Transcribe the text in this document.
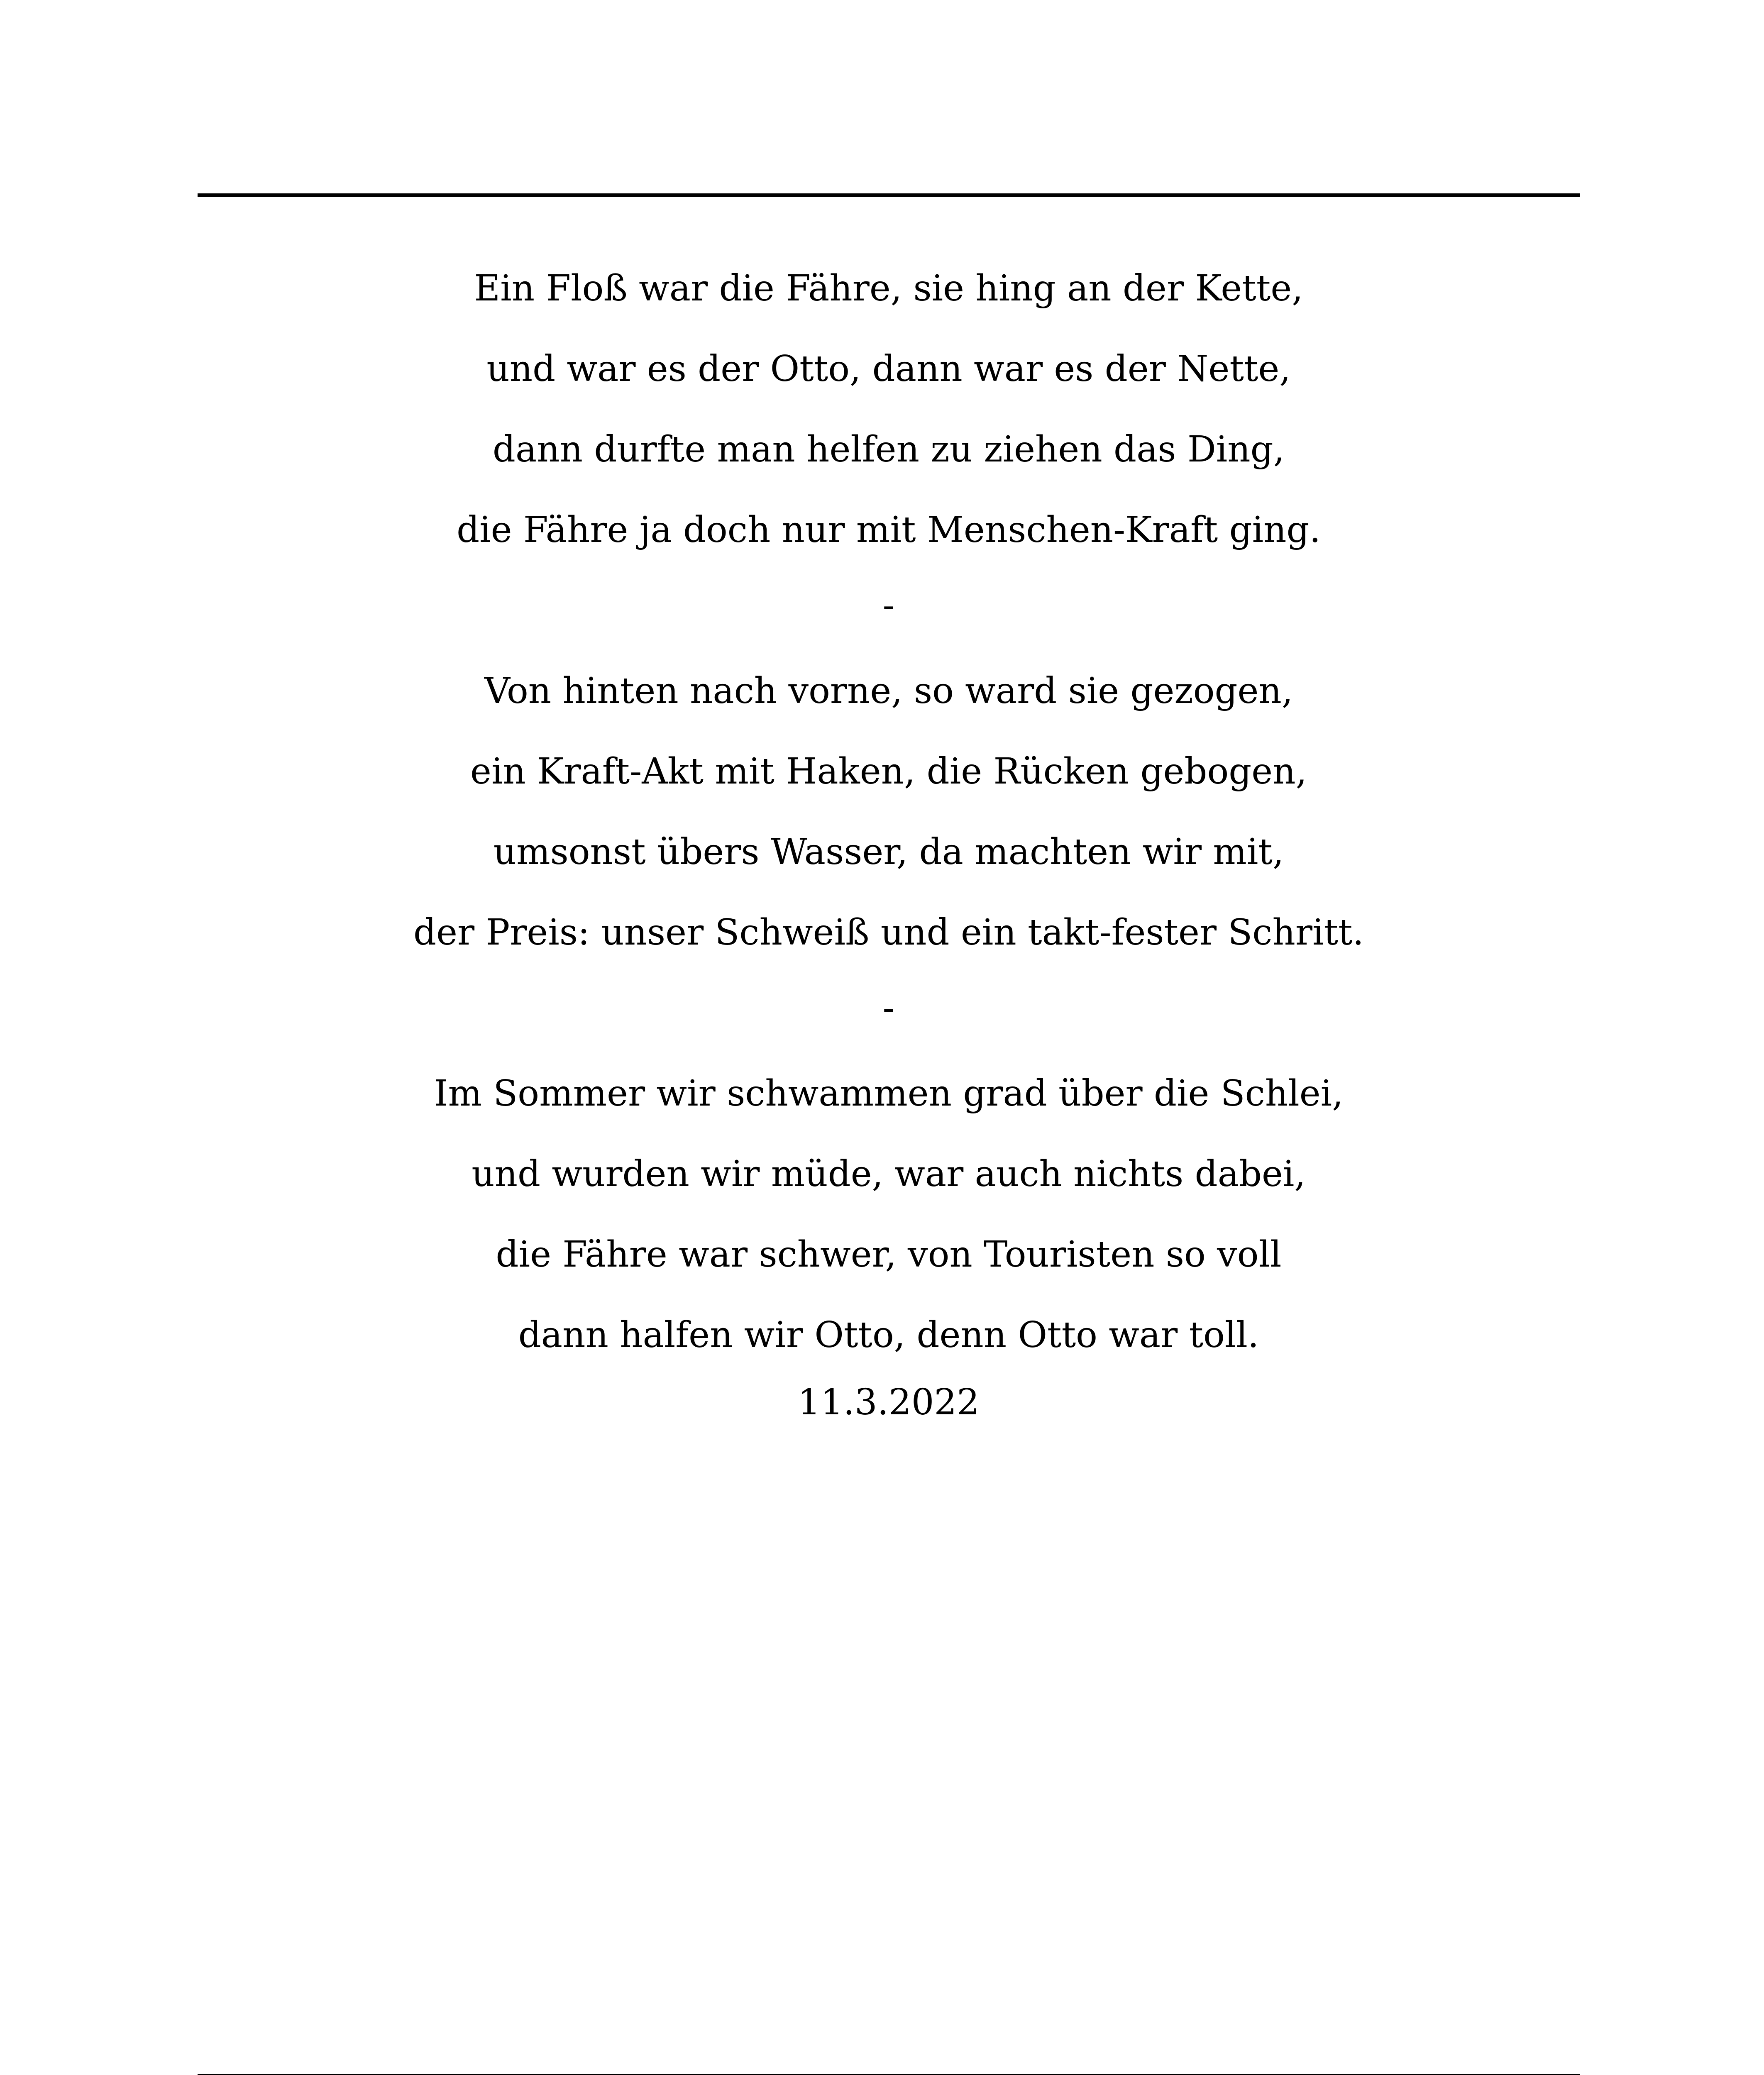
Ein Floß war die Fähre, sie hing an der Kette,
und war es der Otto, dann war es der Nette,
dann durfte man helfen zu ziehen das Ding,
die Fähre ja doch nur mit Menschen-Kraft ging.
-
Von hinten nach vorne, so ward sie gezogen,
ein Kraft-Akt mit Haken, die Rücken gebogen,
umsonst übers Wasser, da machten wir mit,
der Preis: unser Schweiß und ein takt-fester Schritt.
-
Im Sommer wir schwammen grad über die Schlei,
und wurden wir müde, war auch nichts dabei,
die Fähre war schwer, von Touristen so voll
dann halfen wir Otto, denn Otto war toll.
11.3.2022
